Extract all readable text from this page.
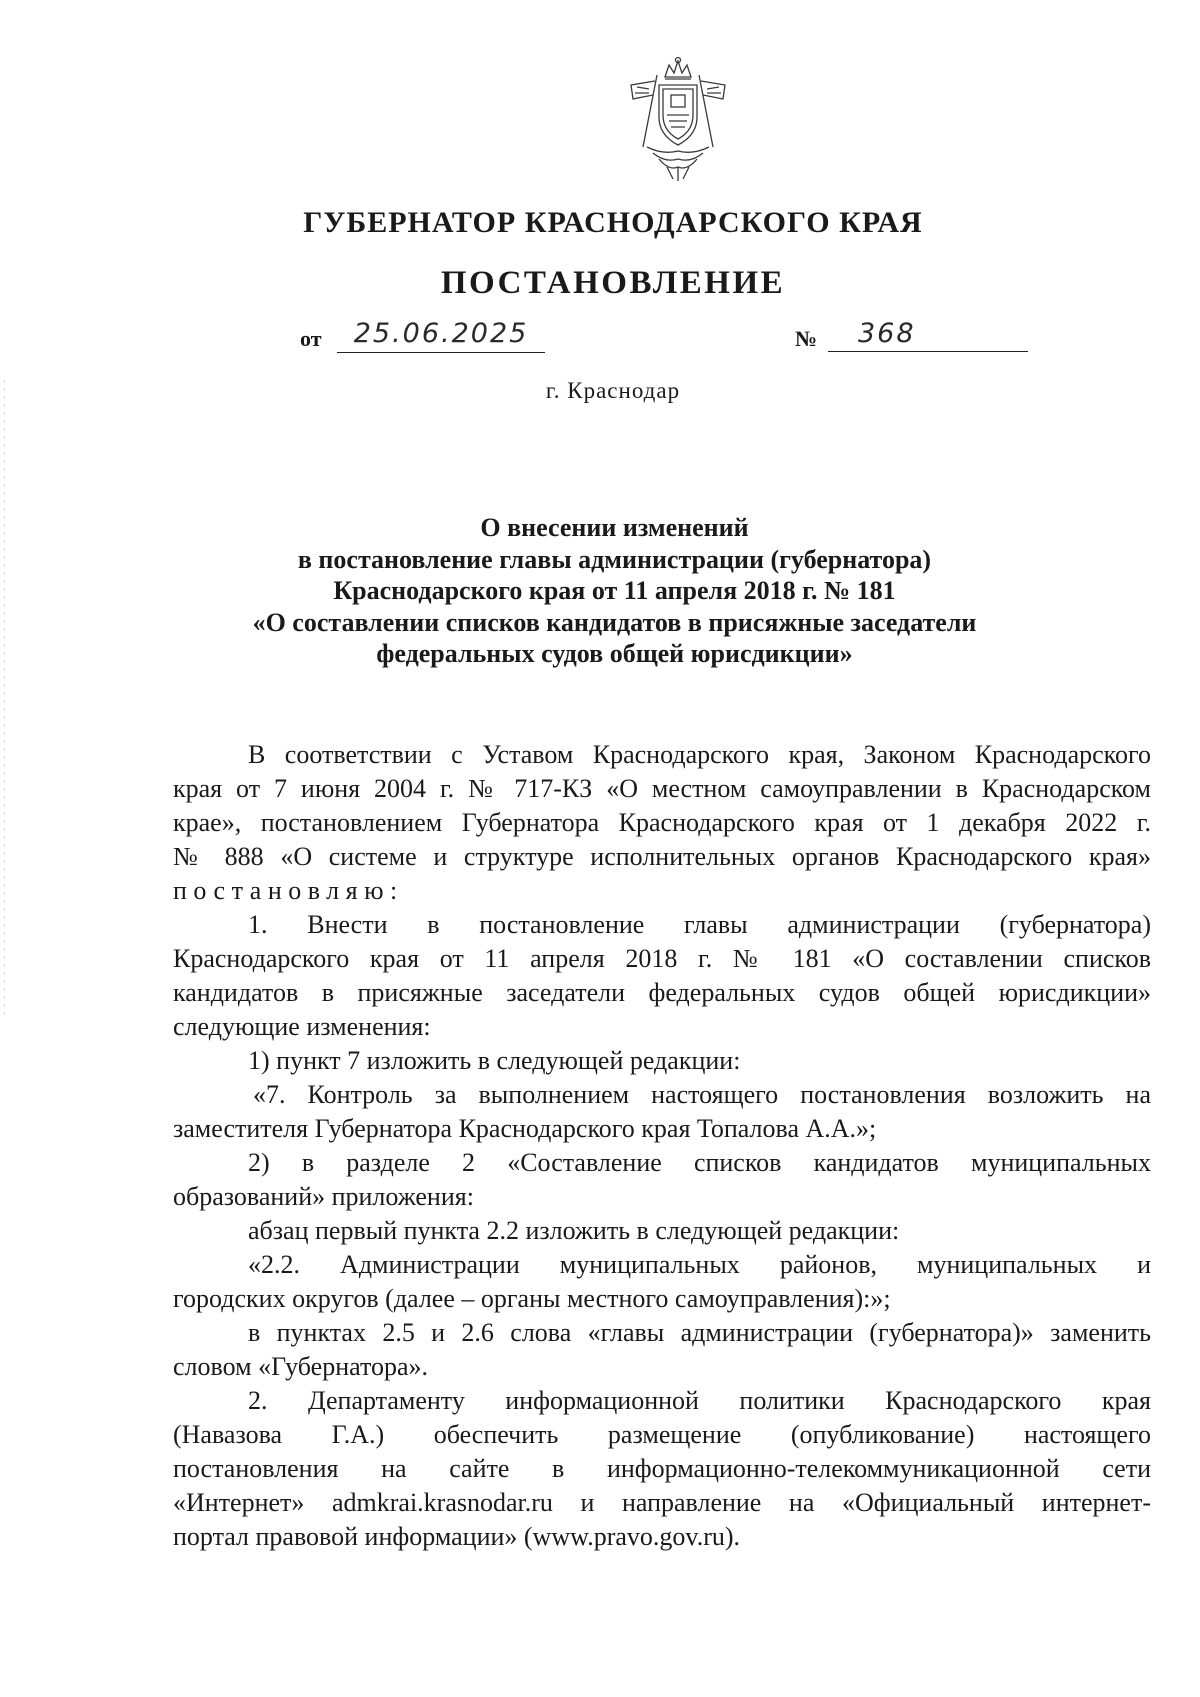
ГУБЕРНАТОР КРАСНОДАРСКОГО КРАЯ
ПОСТАНОВЛЕНИЕ
от	25.06.2025	№	368
г. Краснодар
О внесении изменений
в постановление главы администрации (губернатора)
Краснодарского края от 11 апреля 2018 г. № 181
«О составлении списков кандидатов в присяжные заседатели
федеральных судов общей юрисдикции»
В соответствии с Уставом Краснодарского края, Законом Краснодарского
края от 7 июня 2004 г. № 717-КЗ «О местном самоуправлении в Краснодарском
крае», постановлением Губернатора Краснодарского края от 1 декабря 2022 г.
№ 888 «О системе и структуре исполнительных органов Краснодарского края»
постановляю:
1. Внести в постановление главы администрации (губернатора)
Краснодарского края от 11 апреля 2018 г. № 181 «О составлении списков
кандидатов в присяжные заседатели федеральных судов общей юрисдикции»
следующие изменения:
1) пункт 7 изложить в следующей редакции:
«7. Контроль за выполнением настоящего постановления возложить на
заместителя Губернатора Краснодарского края Топалова А.А.»;
2) в разделе 2 «Составление списков кандидатов муниципальных
образований» приложения:
абзац первый пункта 2.2 изложить в следующей редакции:
«2.2. Администрации муниципальных районов, муниципальных и
городских округов (далее – органы местного самоуправления):»;
в пунктах 2.5 и 2.6 слова «главы администрации (губернатора)» заменить
словом «Губернатора».
2. Департаменту информационной политики Краснодарского края
(Навазова Г.А.) обеспечить размещение (опубликование) настоящего
постановления на сайте в информационно-телекоммуникационной сети
«Интернет» admkrai.krasnodar.ru и направление на «Официальный интернет-
портал правовой информации» (www.pravo.gov.ru).
